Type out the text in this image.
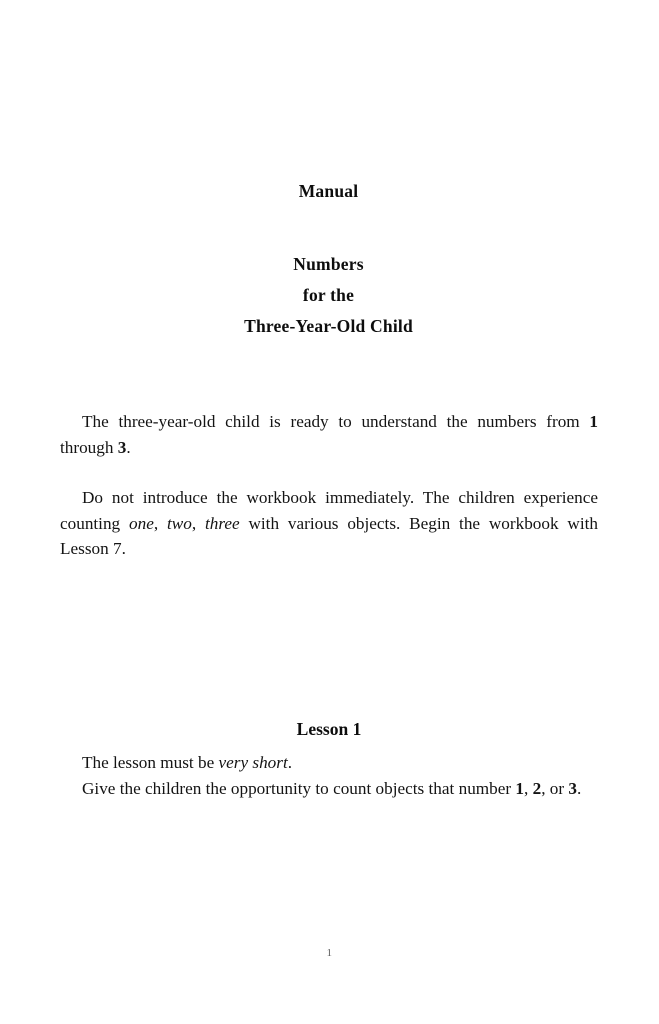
Manual
Numbers
for the
Three-Year-Old Child

The three-year-old child is ready to understand the numbers from 1 through 3.

Do not introduce the workbook immediately. The children experience counting one, two, three with various objects. Begin the workbook with Lesson 7.

Lesson 1
The lesson must be very short.
Give the children the opportunity to count objects that number 1, 2, or 3.
1
